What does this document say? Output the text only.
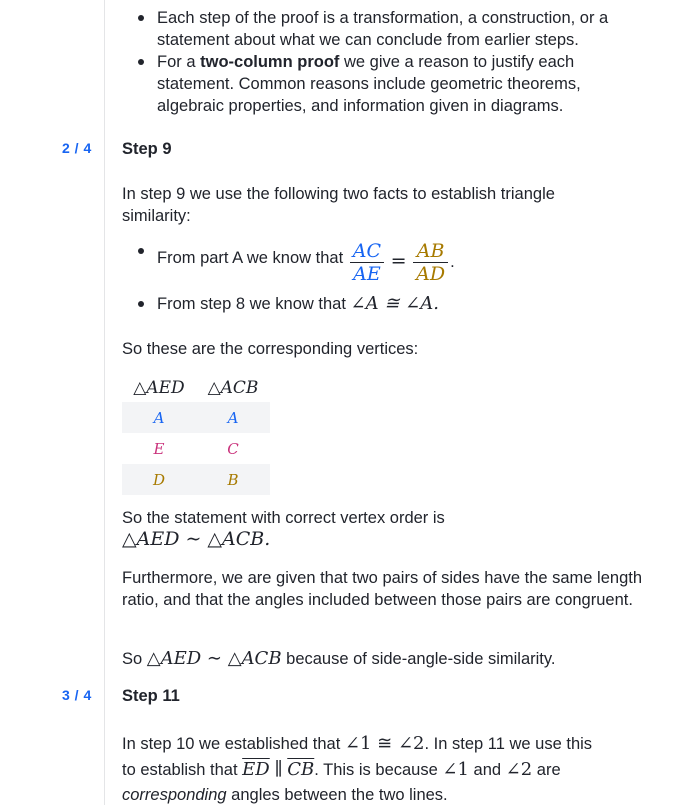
Each step of the proof is a transformation, a construction, or a statement about what we can conclude from earlier steps.
For a two-column proof we give a reason to justify each statement. Common reasons include geometric theorems, algebraic properties, and information given in diagrams.
2 / 4 Step 9
In step 9 we use the following two facts to establish triangle similarity:
From part A we know that $\frac{AC}{AE} = \frac{AB}{AD}$ .
From step 8 we know that ∠A ≅ ∠A.
So these are the corresponding vertices:
△AED	△ACB
A	A
E	C
D	B
So the statement with correct vertex order is
△AED ∼ △ACB.
Furthermore, we are given that two pairs of sides have the same length ratio, and that the angles included between those pairs are congruent.
So △AED ∼ △ACB because of side-angle-side similarity.
3 / 4 Step 11
In step 10 we established that ∠1 ≅ ∠2. In step 11 we use this
to establish that $\overline{ED}$ ∥ $\overline{CB}$. This is because ∠1 and ∠2 are
corresponding angles between the two lines.
